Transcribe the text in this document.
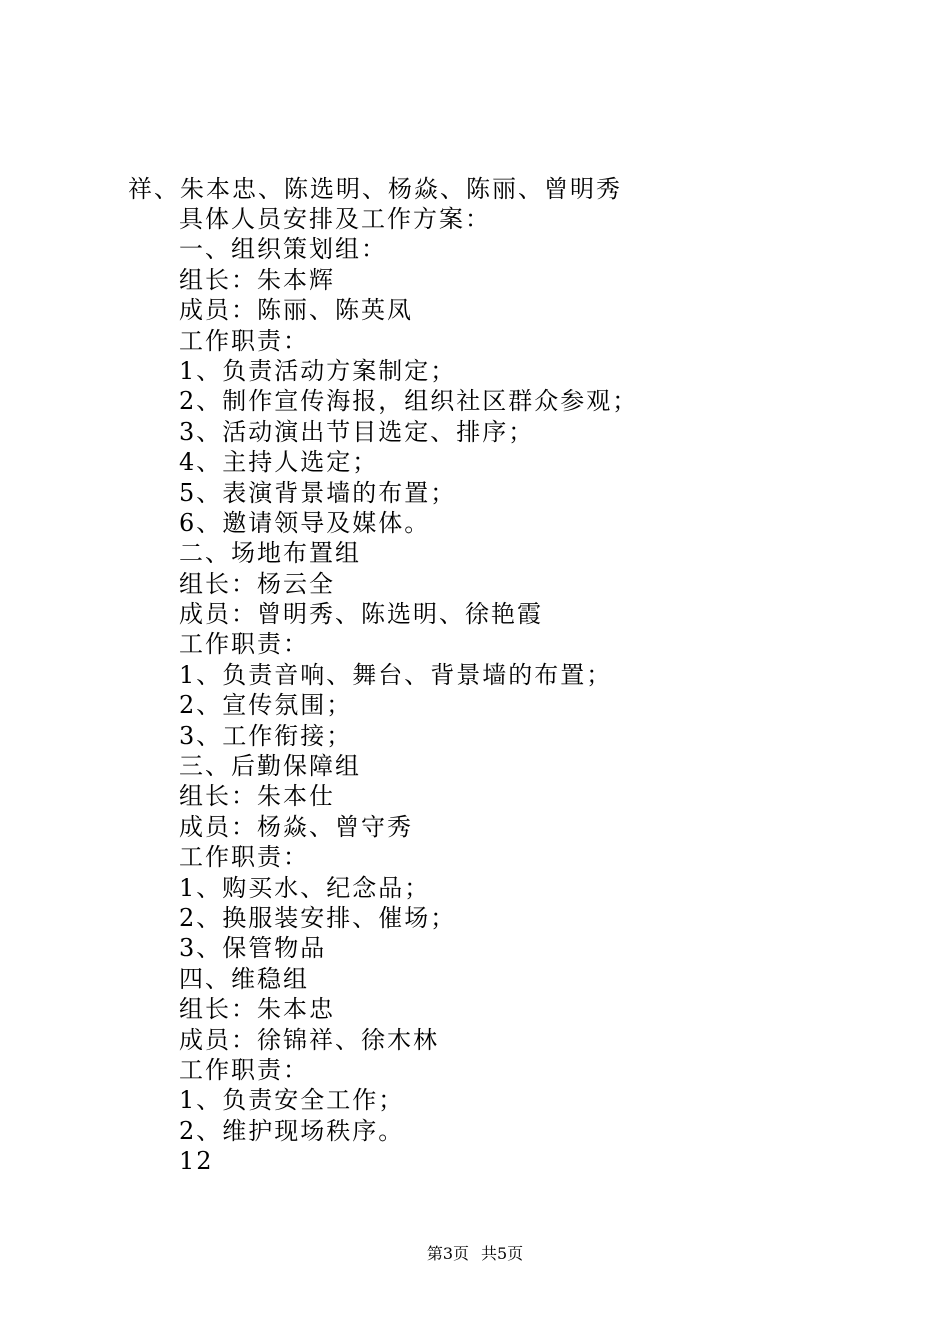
祥、朱本忠、陈选明、杨焱、陈丽、曾明秀
具体人员安排及工作方案：
一、组织策划组：
组长：朱本辉
成员：陈丽、陈英凤
工作职责：
1、负责活动方案制定；
2、制作宣传海报，组织社区群众参观；
3、活动演出节目选定、排序；
4、主持人选定；
5、表演背景墙的布置；
6、邀请领导及媒体。
二、场地布置组
组长：杨云全
成员：曾明秀、陈选明、徐艳霞
工作职责：
1、负责音响、舞台、背景墙的布置；
2、宣传氛围；
3、工作衔接；
三、后勤保障组
组长：朱本仕
成员：杨焱、曾守秀
工作职责：
1、购买水、纪念品；
2、换服装安排、催场；
3、保管物品
四、维稳组
组长：朱本忠
成员：徐锦祥、徐木林
工作职责：
1、负责安全工作；
2、维护现场秩序。
12
第3页 共5页
